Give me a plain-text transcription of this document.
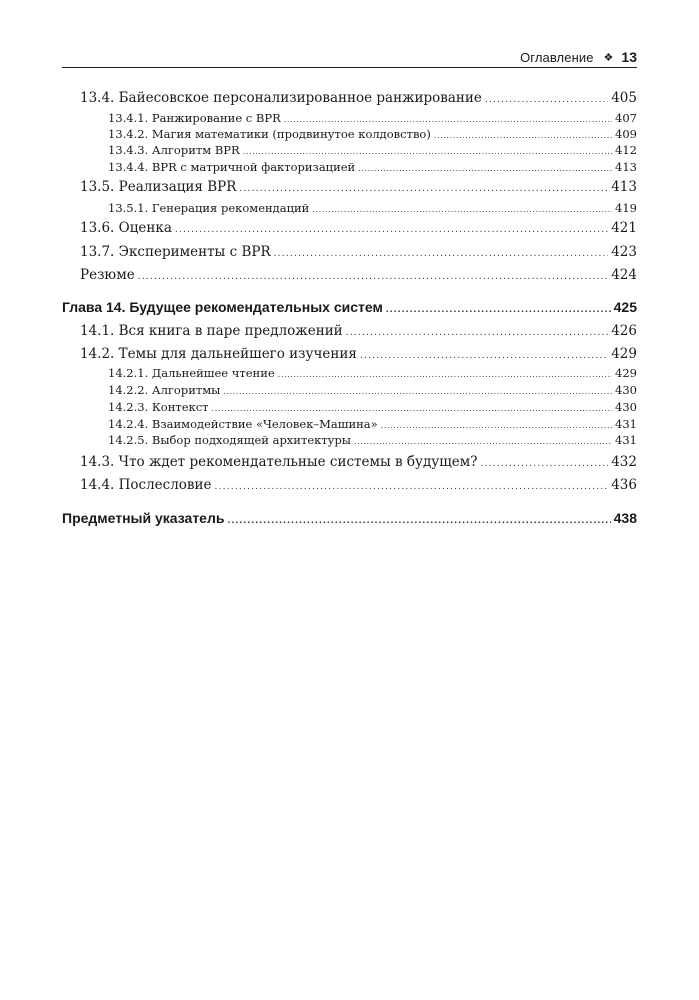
Оглавление ❖ 13
13.4. Байесовское персонализированное ранжирование .....	405
13.4.1. Ранжирование с BPR .....	407
13.4.2. Магия математики (продвинутое колдовство) .....	409
13.4.3. Алгоритм BPR .....	412
13.4.4. BPR с матричной факторизацией .....	413
13.5. Реализация BPR .....	413
13.5.1. Генерация рекомендаций .....	419
13.6. Оценка .....	421
13.7. Эксперименты с BPR .....	423
Резюме .....	424
Глава 14. Будущее рекомендательных систем .....	425
14.1. Вся книга в паре предложений .....	426
14.2. Темы для дальнейшего изучения .....	429
14.2.1. Дальнейшее чтение .....	429
14.2.2. Алгоритмы .....	430
14.2.3. Контекст .....	430
14.2.4. Взаимодействие «Человек–Машина» .....	431
14.2.5. Выбор подходящей архитектуры .....	431
14.3. Что ждет рекомендательные системы в будущем? .....	432
14.4. Послесловие .....	436
Предметный указатель .....	438
